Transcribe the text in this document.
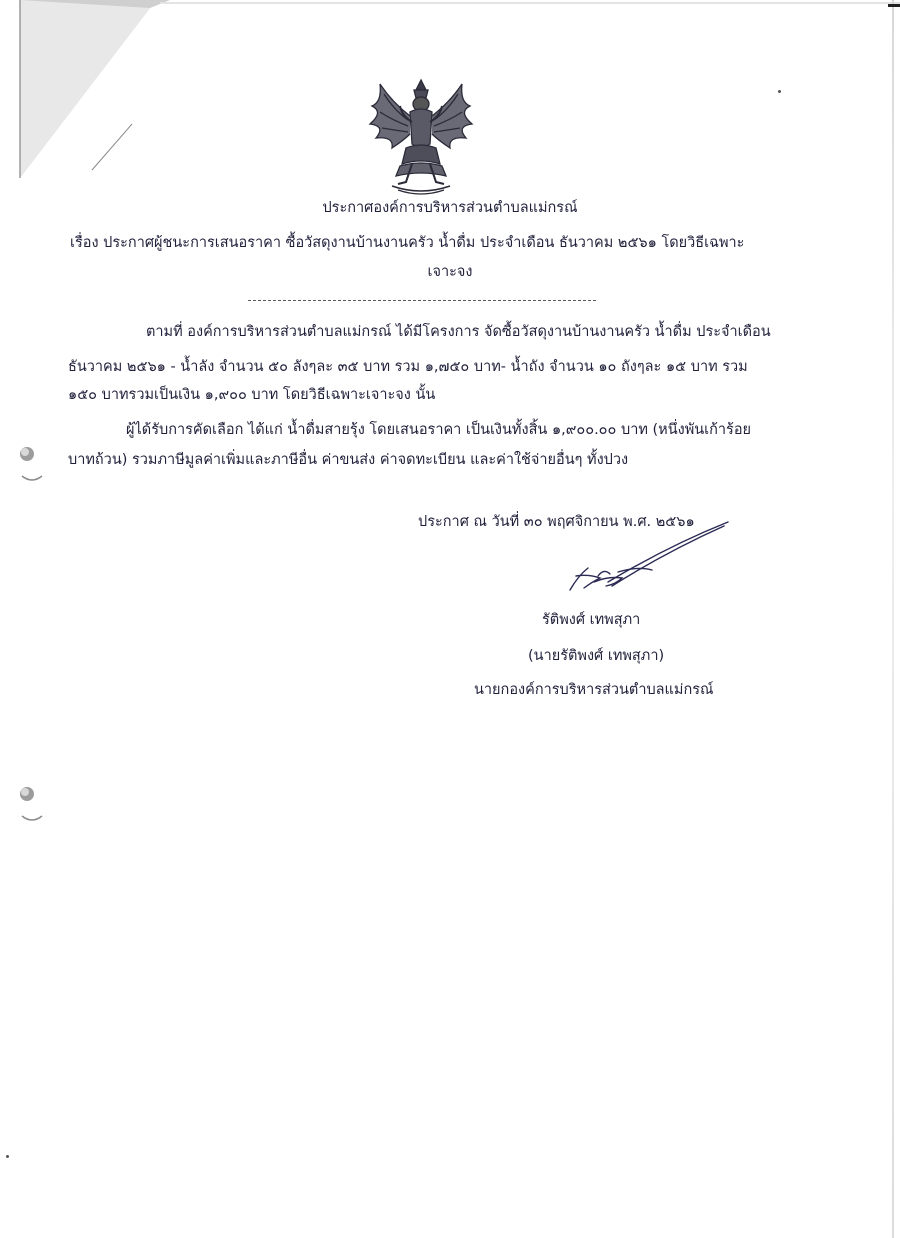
ประกาศองค์การบริหารส่วนตำบลแม่กรณ์
เรื่อง ประกาศผู้ชนะการเสนอราคา ซื้อวัสดุงานบ้านงานครัว น้ำดื่ม ประจำเดือน ธันวาคม ๒๕๖๑ โดยวิธีเฉพาะ
เจาะจง
ตามที่ องค์การบริหารส่วนตำบลแม่กรณ์ ได้มีโครงการ จัดซื้อวัสดุงานบ้านงานครัว น้ำดื่ม ประจำเดือน
ธันวาคม ๒๕๖๑ - น้ำลัง จำนวน ๕๐ ลังๆละ ๓๕ บาท รวม ๑,๗๕๐ บาท- น้ำถัง จำนวน ๑๐ ถังๆละ ๑๕ บาท รวม
๑๕๐ บาทรวมเป็นเงิน ๑,๙๐๐ บาท โดยวิธีเฉพาะเจาะจง นั้น
ผู้ได้รับการคัดเลือก ได้แก่ น้ำดื่มสายรุ้ง โดยเสนอราคา เป็นเงินทั้งสิ้น ๑,๙๐๐.๐๐ บาท (หนึ่งพันเก้าร้อย
บาทถ้วน) รวมภาษีมูลค่าเพิ่มและภาษีอื่น ค่าขนส่ง ค่าจดทะเบียน และค่าใช้จ่ายอื่นๆ ทั้งปวง
ประกาศ ณ วันที่ ๓๐ พฤศจิกายน พ.ศ. ๒๕๖๑
รัติพงศ์ เทพสุภา
(นายรัติพงศ์ เทพสุภา)
นายกองค์การบริหารส่วนตำบลแม่กรณ์
